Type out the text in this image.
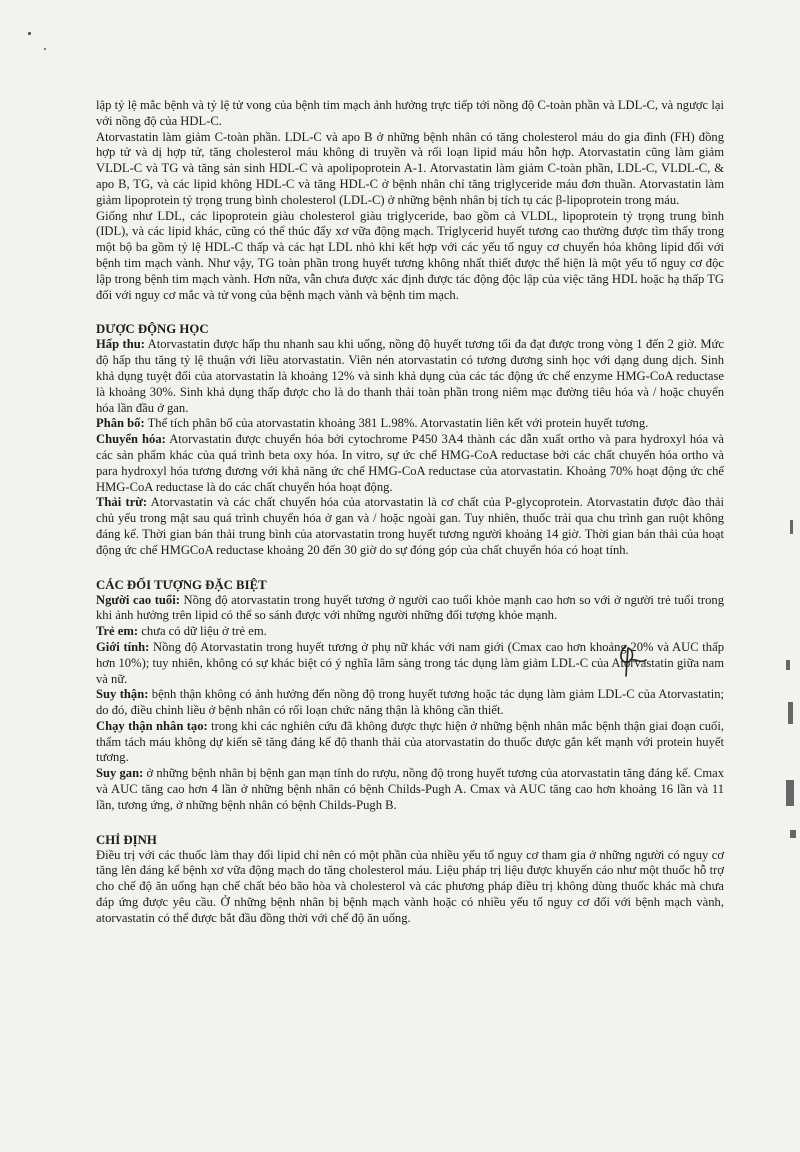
lập tỷ lệ mắc bệnh và tỷ lệ tử vong của bệnh tim mạch ảnh hưởng trực tiếp tới nồng độ C-toàn phần và LDL-C, và ngược lại với nồng độ của HDL-C.

Atorvastatin làm giảm C-toàn phần. LDL-C và apo B ở những bệnh nhân có tăng cholesterol máu do gia đình (FH) đồng hợp tử và dị hợp tử, tăng cholesterol máu không di truyền và rối loạn lipid máu hỗn hợp. Atorvastatin cũng làm giảm VLDL-C và TG và tăng sản sinh HDL-C và apolipoprotein A-1. Atorvastatin làm giảm C-toàn phần, LDL-C, VLDL-C, & apo B, TG, và các lipid không HDL-C và tăng HDL-C ở bệnh nhân chỉ tăng triglyceride máu đơn thuần. Atorvastatin làm giảm lipoprotein tỷ trọng trung bình cholesterol (LDL-C) ở những bệnh nhân bị tích tụ các β-lipoprotein trong máu.

Giống như LDL, các lipoprotein giàu cholesterol giàu triglyceride, bao gồm cả VLDL, lipoprotein tỷ trọng trung bình (IDL), và các lipid khác, cũng có thể thúc đẩy xơ vữa động mạch. Triglycerid huyết tương cao thường được tìm thấy trong một bộ ba gồm tỷ lệ HDL-C thấp và các hạt LDL nhỏ khi kết hợp với các yếu tố nguy cơ chuyển hóa không lipid đối với bệnh tim mạch vành. Như vậy, TG toàn phần trong huyết tương không nhất thiết được thể hiện là một yếu tố nguy cơ độc lập trong bệnh tim mạch vành. Hơn nữa, vẫn chưa được xác định được tác động độc lập của việc tăng HDL hoặc hạ thấp TG đối với nguy cơ mắc và tử vong của bệnh mạch vành và bệnh tim mạch.

DƯỢC ĐỘNG HỌC

Hấp thu: Atorvastatin được hấp thu nhanh sau khi uống, nồng độ huyết tương tối đa đạt được trong vòng 1 đến 2 giờ. Mức độ hấp thu tăng tỷ lệ thuận với liều atorvastatin. Viên nén atorvastatin có tương đương sinh học với dạng dung dịch. Sinh khả dụng tuyệt đối của atorvastatin là khoảng 12% và sinh khả dụng của các tác động ức chế enzyme HMG-CoA reductase là khoảng 30%. Sinh khả dụng thấp được cho là do thanh thải toàn phần trong niêm mạc đường tiêu hóa và / hoặc chuyển hóa lần đầu ở gan.

Phân bố: Thể tích phân bố của atorvastatin khoảng 381 L.98%. Atorvastatin liên kết với protein huyết tương.

Chuyển hóa: Atorvastatin được chuyển hóa bởi cytochrome P450 3A4 thành các dẫn xuất ortho và para hydroxyl hóa và các sản phẩm khác của quá trình beta oxy hóa. In vitro, sự ức chế HMG-CoA reductase bởi các chất chuyển hóa ortho và para hydroxyl hóa tương đương với khả năng ức chế HMG-CoA reductase của atorvastatin. Khoảng 70% hoạt động ức chế HMG-CoA reductase là do các chất chuyển hóa hoạt động.

Thải trừ: Atorvastatin và các chất chuyển hóa của atorvastatin là cơ chất của P-glycoprotein. Atorvastatin được đào thải chủ yếu trong mật sau quá trình chuyển hóa ở gan và / hoặc ngoài gan. Tuy nhiên, thuốc trải qua chu trình gan ruột không đáng kể. Thời gian bán thải trung bình của atorvastatin trong huyết tương người khoảng 14 giờ. Thời gian bán thải của hoạt động ức chế HMGCoA reductase khoảng 20 đến 30 giờ do sự đóng góp của chất chuyển hóa có hoạt tính.

CÁC ĐỐI TƯỢNG ĐẶC BIỆT

Người cao tuổi: Nồng độ atorvastatin trong huyết tương ở người cao tuổi khỏe mạnh cao hơn so với ở người trẻ tuổi trong khi ảnh hưởng trên lipid có thể so sánh được với những người những đối tượng khỏe mạnh.

Trẻ em: chưa có dữ liệu ở trẻ em.

Giới tính: Nồng độ Atorvastatin trong huyết tương ở phụ nữ khác với nam giới (Cmax cao hơn khoảng 20% và AUC thấp hơn 10%); tuy nhiên, không có sự khác biệt có ý nghĩa lâm sàng trong tác dụng làm giảm LDL-C của Atorvastatin giữa nam và nữ.

Suy thận: bệnh thận không có ảnh hưởng đến nồng độ trong huyết tương hoặc tác dụng làm giảm LDL-C của Atorvastatin; do đó, điều chỉnh liều ở bệnh nhân có rối loạn chức năng thận là không cần thiết.

Chạy thận nhân tạo: trong khi các nghiên cứu đã không được thực hiện ở những bệnh nhân mắc bệnh thận giai đoạn cuối, thẩm tách máu không dự kiến sẽ tăng đáng kể độ thanh thải của atorvastatin do thuốc được gắn kết mạnh với protein huyết tương.

Suy gan: ở những bệnh nhân bị bệnh gan mạn tính do rượu, nồng độ trong huyết tương của atorvastatin tăng đáng kể. Cmax và AUC tăng cao hơn 4 lần ở những bệnh nhân có bệnh Childs-Pugh A. Cmax và AUC tăng cao hơn khoảng 16 lần và 11 lần, tương ứng, ở những bệnh nhân có bệnh Childs-Pugh B.

CHỈ ĐỊNH

Điều trị với các thuốc làm thay đổi lipid chỉ nên có một phần của nhiều yếu tố nguy cơ tham gia ở những người có nguy cơ tăng lên đáng kể bệnh xơ vữa động mạch do tăng cholesterol máu. Liệu pháp trị liệu được khuyến cáo như một thuốc hỗ trợ cho chế độ ăn uống hạn chế chất béo bão hòa và cholesterol và các phương pháp điều trị không dùng thuốc khác mà chưa đáp ứng được yêu cầu. Ở những bệnh nhân bị bệnh mạch vành hoặc có nhiều yếu tố nguy cơ đối với bệnh mạch vành, atorvastatin có thể được bắt đầu đồng thời với chế độ ăn uống.
